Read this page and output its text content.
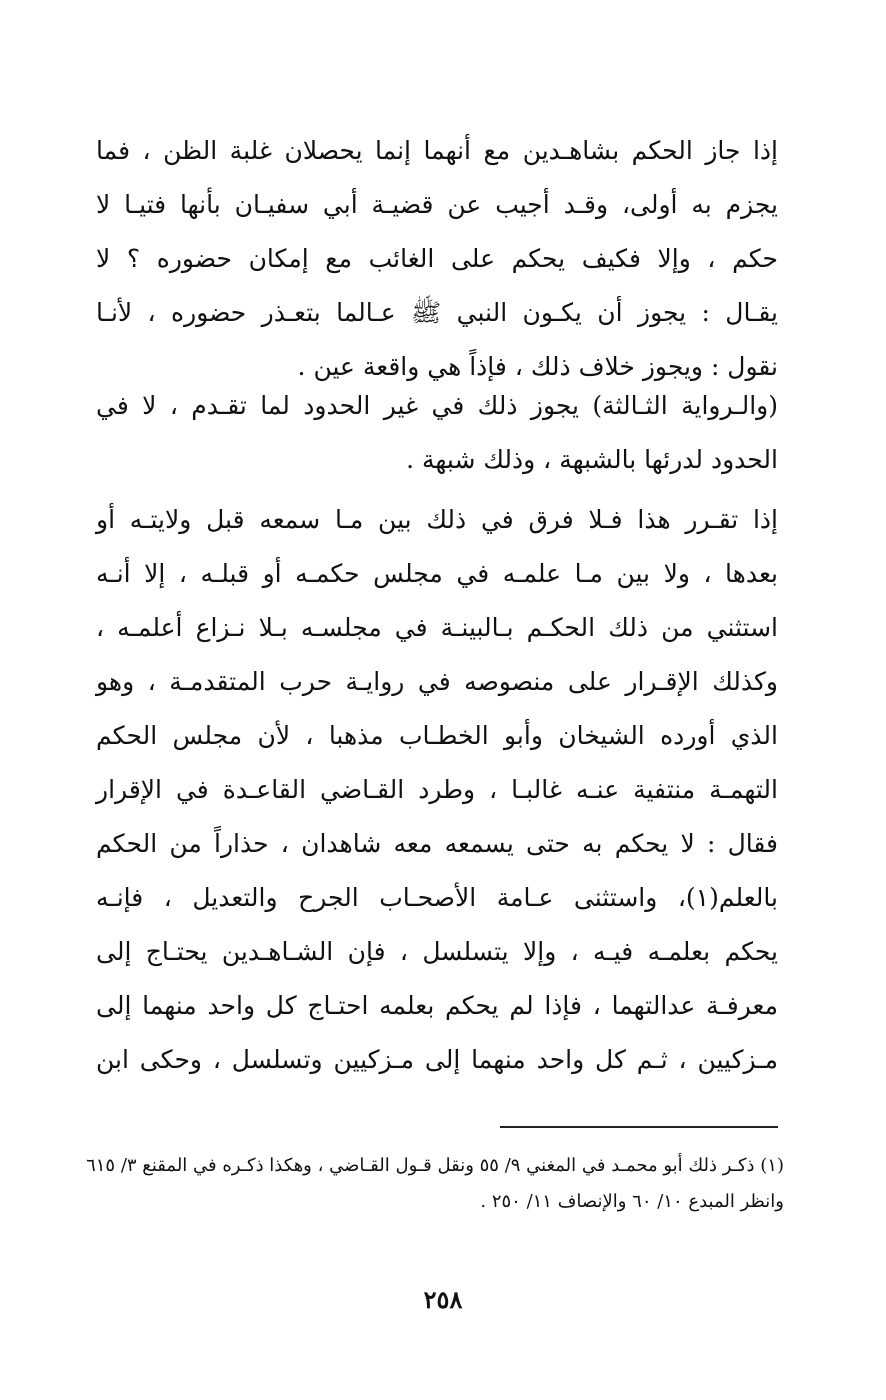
إذا جاز الحكم بشاهـدين مع أنهما إنما يحصلان غلبة الظن ، فما
يجزم به أولى، وقـد أجيب عن قضيـة أبي سفيـان بأنها فتيـا لا
حكم ، وإلا فكيف يحكم على الغائب مع إمكان حضوره ؟ لا
يقـال : يجوز أن يكـون النبي ﷺ عـالما بتعـذر حضوره ، لأنـا
نقول : ويجوز خلاف ذلك ، فإذاً هي واقعة عين .
(والـرواية الثـالثة) يجوز ذلك في غير الحدود لما تقـدم ، لا في
الحدود لدرئها بالشبهة ، وذلك شبهة .
إذا تقـرر هذا فـلا فرق في ذلك بين مـا سمعه قبل ولايتـه أو
بعدها ، ولا بين مـا علمـه في مجلس حكمـه أو قبلـه ، إلا أنـه
استثني من ذلك الحكـم بـالبينـة في مجلسـه بـلا نـزاع أعلمـه ،
وكذلك الإقـرار على منصوصه في روايـة حرب المتقدمـة ، وهو
الذي أورده الشيخان وأبو الخطـاب مذهبا ، لأن مجلس الحكم
التهمـة منتفية عنـه غالبـا ، وطرد القـاضي القاعـدة في الإقرار
فقال : لا يحكم به حتى يسمعه معه شاهدان ، حذاراً من الحكم
بالعلم(١)، واستثنى عـامة الأصحـاب الجرح والتعديل ، فإنـه
يحكم بعلمـه فيـه ، وإلا يتسلسل ، فإن الشـاهـدين يحتـاج إلى
معرفـة عدالتهما ، فإذا لم يحكم بعلمه احتـاج كل واحد منهما إلى
مـزكيين ، ثـم كل واحد منهما إلى مـزكيين وتسلسل ، وحكى ابن
(١) ذكـر ذلك أبو محمـد في المغني ٩/ ٥٥ ونقل قـول القـاضي ، وهكذا ذكـره في المقنع ٣/ ٦١٥
وانظر المبدع ١٠/ ٦٠ والإنصاف ١١/ ٢٥٠ .
٢٥٨
